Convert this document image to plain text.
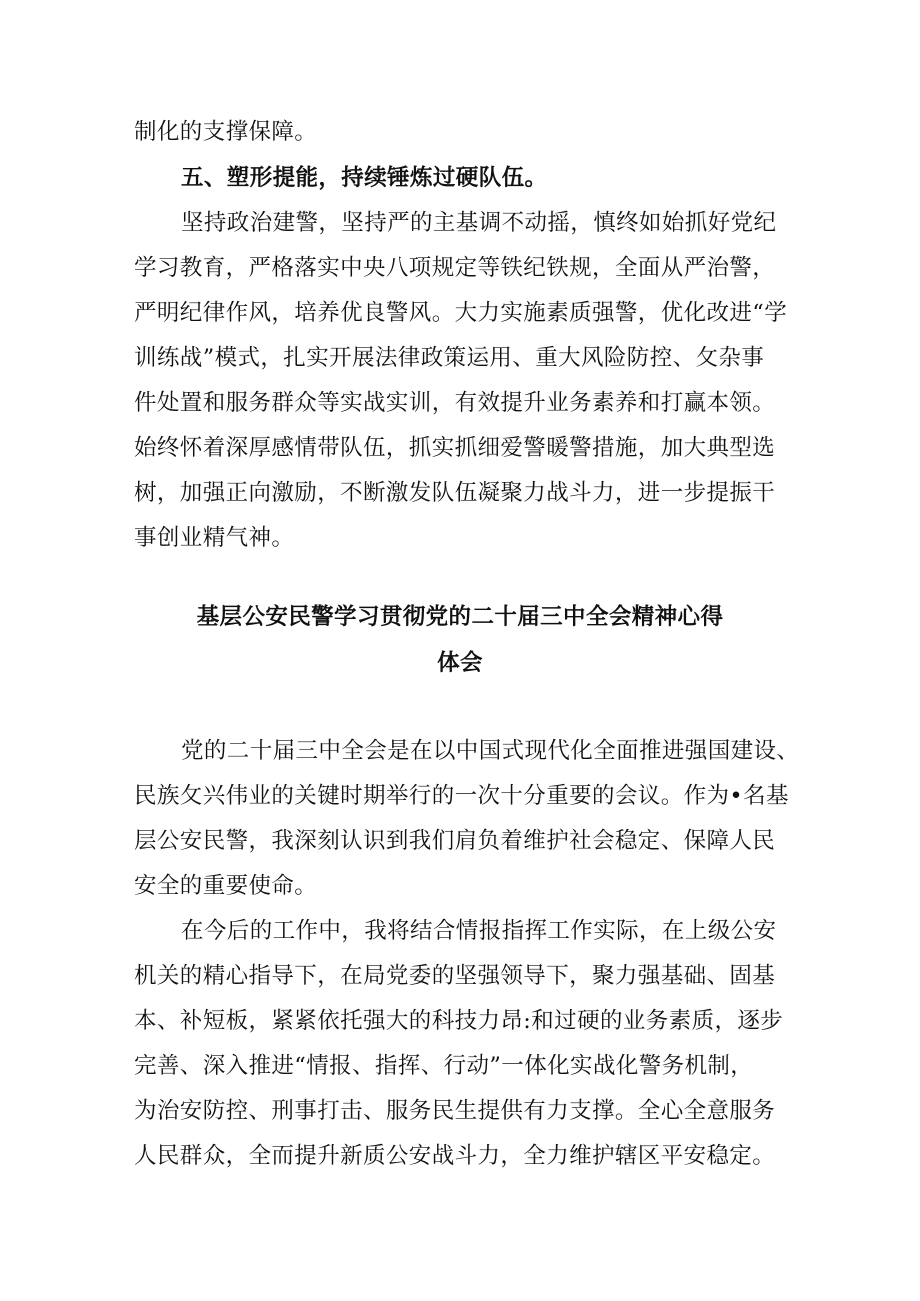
制化的支撑保障。
五、塑形提能，持续锤炼过硬队伍。
坚持政治建警，坚持严的主基调不动摇，慎终如始抓好党纪
学习教育，严格落实中央八项规定等铁纪铁规，全面从严治警，
严明纪律作风，培养优良警风。大力实施素质强警，优化改进“学
训练战”模式，扎实开展法律政策运用、重大风险防控、攵杂事
件处置和服务群众等实战实训，有效提升业务素养和打赢本领。
始终怀着深厚感情带队伍，抓实抓细爱警暖警措施，加大典型选
树，加强正向激励，不断激发队伍凝聚力战斗力，进一步提振干
事创业精气神。
基层公安民警学习贯彻党的二十届三中全会精神心得
体会
党的二十届三中全会是在以中国式现代化全面推进强国建设、
民族攵兴伟业的关键时期举行的一次十分重要的会议。作为•名基
层公安民警，我深刻认识到我们肩负着维护社会稳定、保障人民
安全的重要使命。
在今后的工作中，我将结合情报指挥工作实际，在上级公安
机关的精心指导下，在局党委的坚强领导下，聚力强基础、固基
本、补短板，紧紧依托强大的科技力昂:和过硬的业务素质，逐步
完善、深入推进“情报、指挥、行动”一体化实战化警务机制，
为治安防控、刑事打击、服务民生提供有力支撑。全心全意服务
人民群众，全而提升新质公安战斗力，全力维护辖区平安稳定。
